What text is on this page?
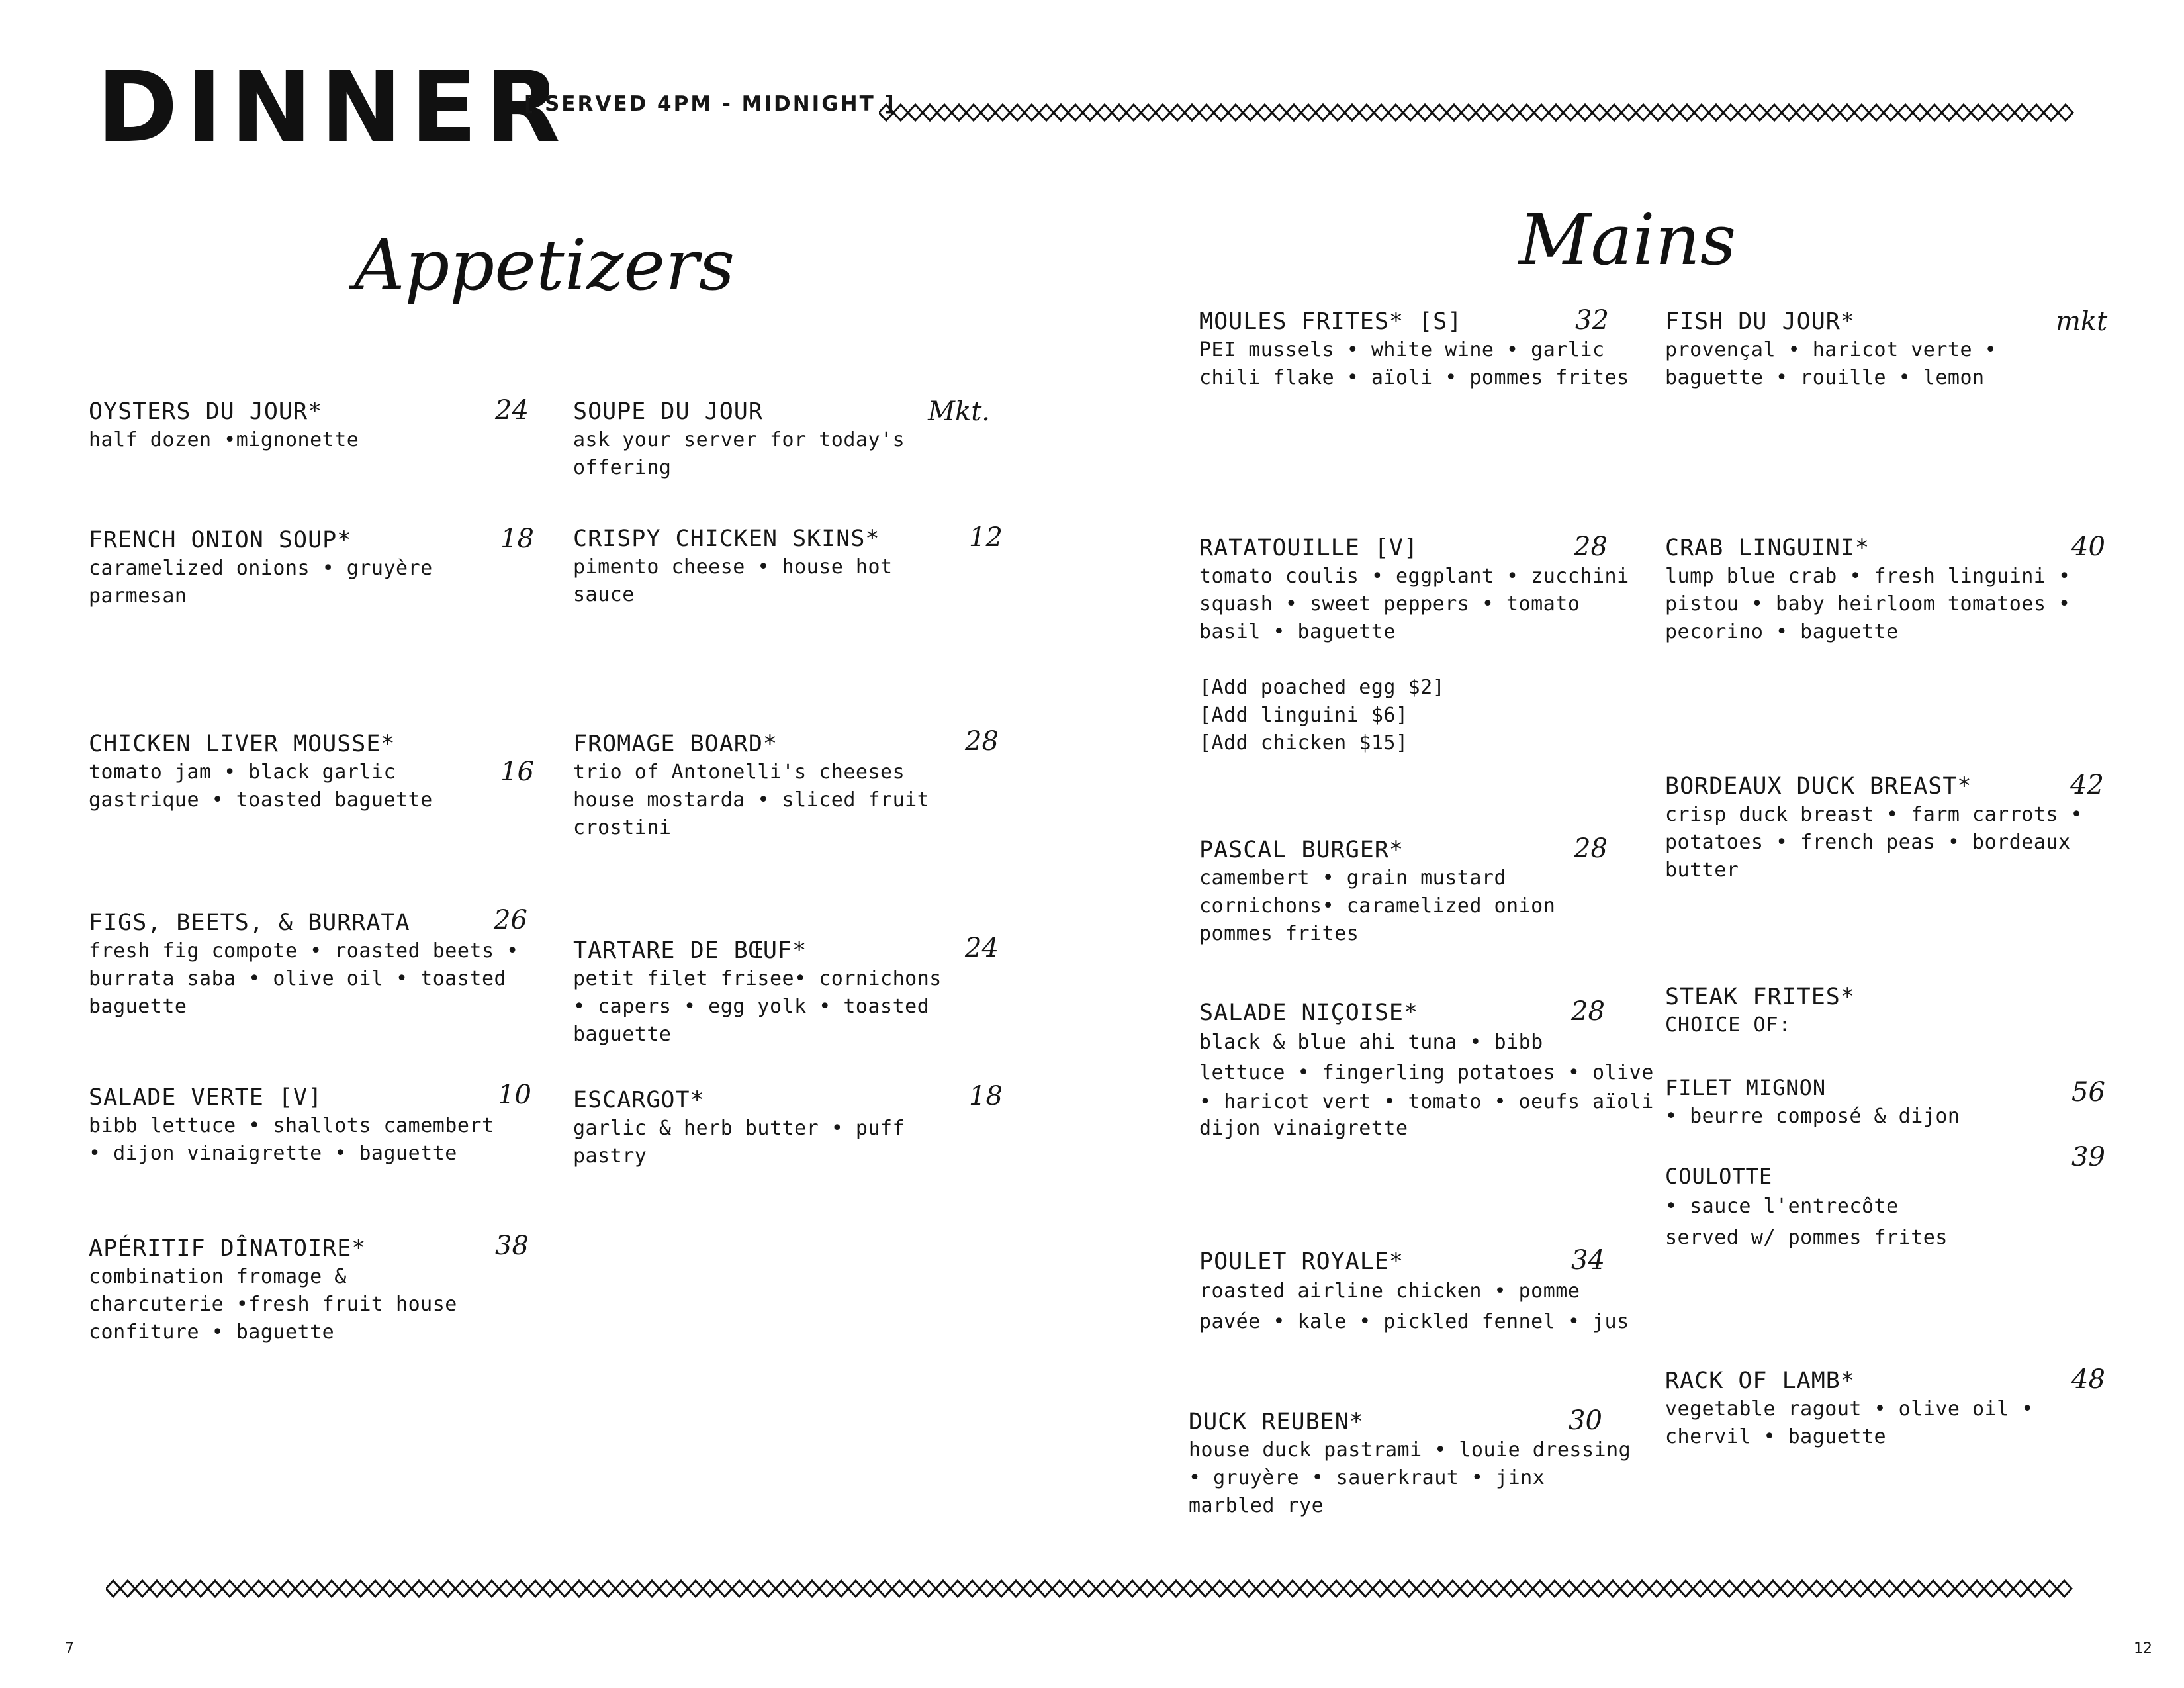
DINNER
[ SERVED 4PM - MIDNIGHT ]
Appetizers	Mains
OYSTERS DU JOUR*
half dozen •mignonette
24 SOUPE DU JOUR
ask your server for today's
offering
Mkt.
FRENCH ONION SOUP*
caramelized onions • gruyère
parmesan
18 CRISPY CHICKEN SKINS*
pimento cheese • house hot
sauce
12
CHICKEN LIVER MOUSSE*
tomato jam • black garlic
gastrique • toasted baguette
16
FROMAGE BOARD*
trio of Antonelli's cheeses
house mostarda • sliced fruit
crostini
28
FIGS, BEETS, & BURRATA
fresh fig compote • roasted beets •
burrata saba • olive oil • toasted
baguette
26
TARTARE DE BŒUF*
petit filet frisee• cornichons
• capers • egg yolk • toasted
baguette
24
SALADE VERTE [V]
bibb lettuce • shallots camembert
• dijon vinaigrette • baguette
10 ESCARGOT*
garlic & herb butter • puff
pastry
18
APÉRITIF DÎNATOIRE*
combination fromage &
charcuterie •fresh fruit house
confiture • baguette
38
MOULES FRITES* [S]
PEI mussels • white wine • garlic
chili flake • aïoli • pommes frites
32 FISH DU JOUR*
provençal • haricot verte •
baguette • rouille • lemon
mkt
RATATOUILLE [V]
tomato coulis • eggplant • zucchini
squash • sweet peppers • tomato
basil • baguette
28 CRAB LINGUINI*
lump blue crab • fresh linguini •
pistou • baby heirloom tomatoes •
pecorino • baguette
40
[Add poached egg $2]
[Add linguini $6]
[Add chicken $15]
BORDEAUX DUCK BREAST*
crisp duck breast • farm carrots •
potatoes • french peas • bordeaux
butter
42
PASCAL BURGER*
camembert • grain mustard
cornichons• caramelized onion
pommes frites
28
SALADE NIÇOISE*
black & blue ahi tuna • bibb
lettuce • fingerling potatoes • olive
• haricot vert • tomato • oeufs aïoli
dijon vinaigrette
28	STEAK FRITES*
CHOICE OF:
FILET MIGNON
• beurre composé & dijon
56
COULOTTE
• sauce l'entrecôte
served w/ pommes frites
39
POULET ROYALE*
roasted airline chicken • pomme
pavée • kale • pickled fennel • jus
34
RACK OF LAMB*
vegetable ragout • olive oil •
chervil • baguette
48
DUCK REUBEN*
house duck pastrami • louie dressing
• gruyère • sauerkraut • jinx
marbled rye
30
7	12
